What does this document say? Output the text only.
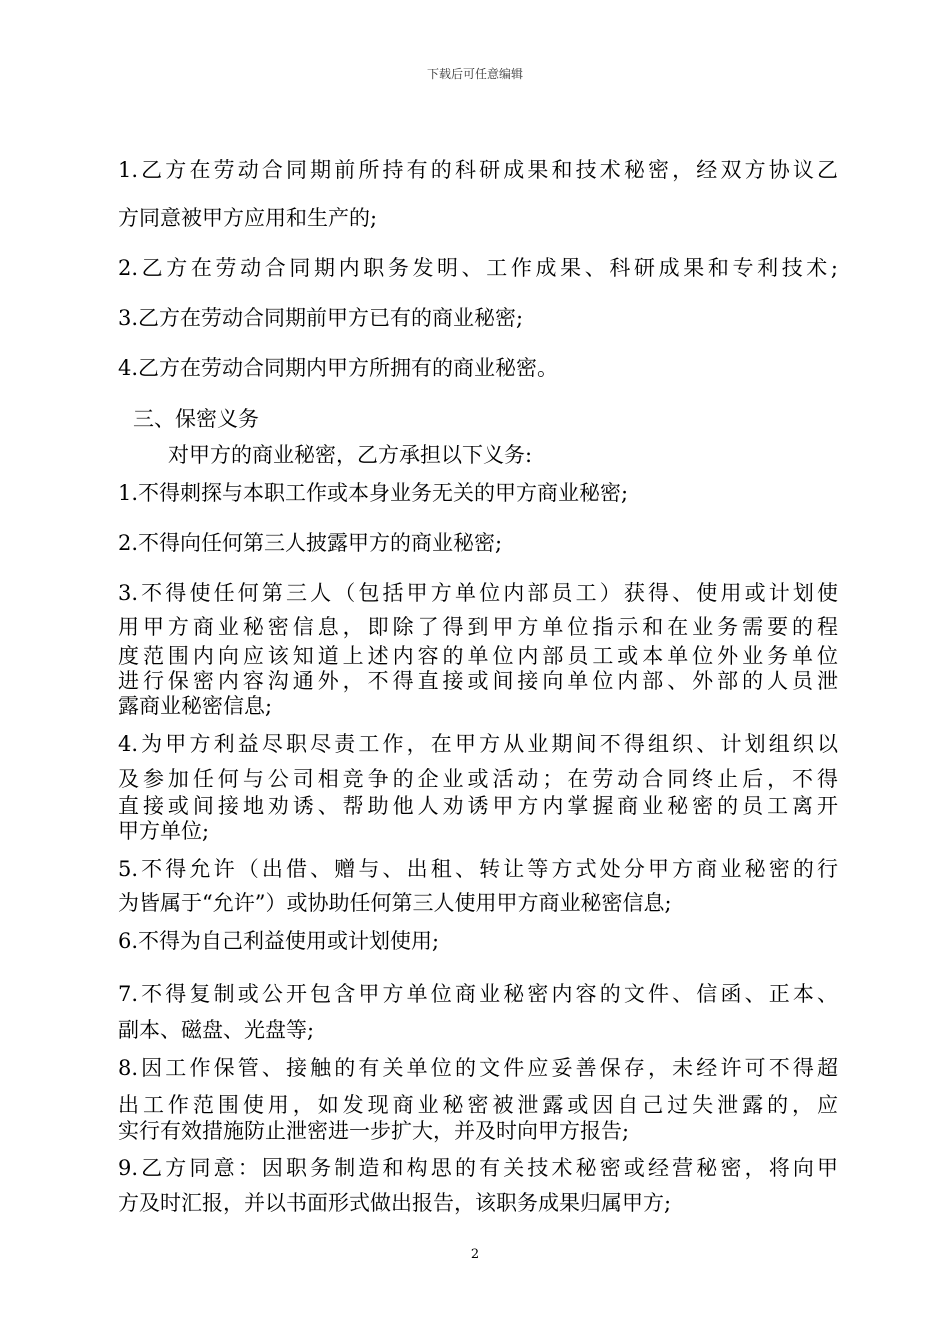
下载后可任意编辑
1.乙方在劳动合同期前所持有的科研成果和技术秘密，经双方协议乙
方同意被甲方应用和生产的;
2.乙方在劳动合同期内职务发明、工作成果、科研成果和专利技术;
3.乙方在劳动合同期前甲方已有的商业秘密;
4.乙方在劳动合同期内甲方所拥有的商业秘密。
三、保密义务
对甲方的商业秘密，乙方承担以下义务:
1.不得刺探与本职工作或本身业务无关的甲方商业秘密;
2.不得向任何第三人披露甲方的商业秘密;
3.不得使任何第三人（包括甲方单位内部员工）获得、使用或计划使
用甲方商业秘密信息，即除了得到甲方单位指示和在业务需要的程
度范围内向应该知道上述内容的单位内部员工或本单位外业务单位
进行保密内容沟通外，不得直接或间接向单位内部、外部的人员泄
露商业秘密信息;
4.为甲方利益尽职尽责工作，在甲方从业期间不得组织、计划组织以
及参加任何与公司相竞争的企业或活动；在劳动合同终止后，不得
直接或间接地劝诱、帮助他人劝诱甲方内掌握商业秘密的员工离开
甲方单位;
5.不得允许（出借、赠与、出租、转让等方式处分甲方商业秘密的行
为皆属于“允许”）或协助任何第三人使用甲方商业秘密信息;
6.不得为自己利益使用或计划使用;
7.不得复制或公开包含甲方单位商业秘密内容的文件、信函、正本、
副本、磁盘、光盘等;
8.因工作保管、接触的有关单位的文件应妥善保存，未经许可不得超
出工作范围使用，如发现商业秘密被泄露或因自己过失泄露的，应
实行有效措施防止泄密进一步扩大，并及时向甲方报告;
9.乙方同意：因职务制造和构思的有关技术秘密或经营秘密，将向甲
方及时汇报，并以书面形式做出报告，该职务成果归属甲方;
2
